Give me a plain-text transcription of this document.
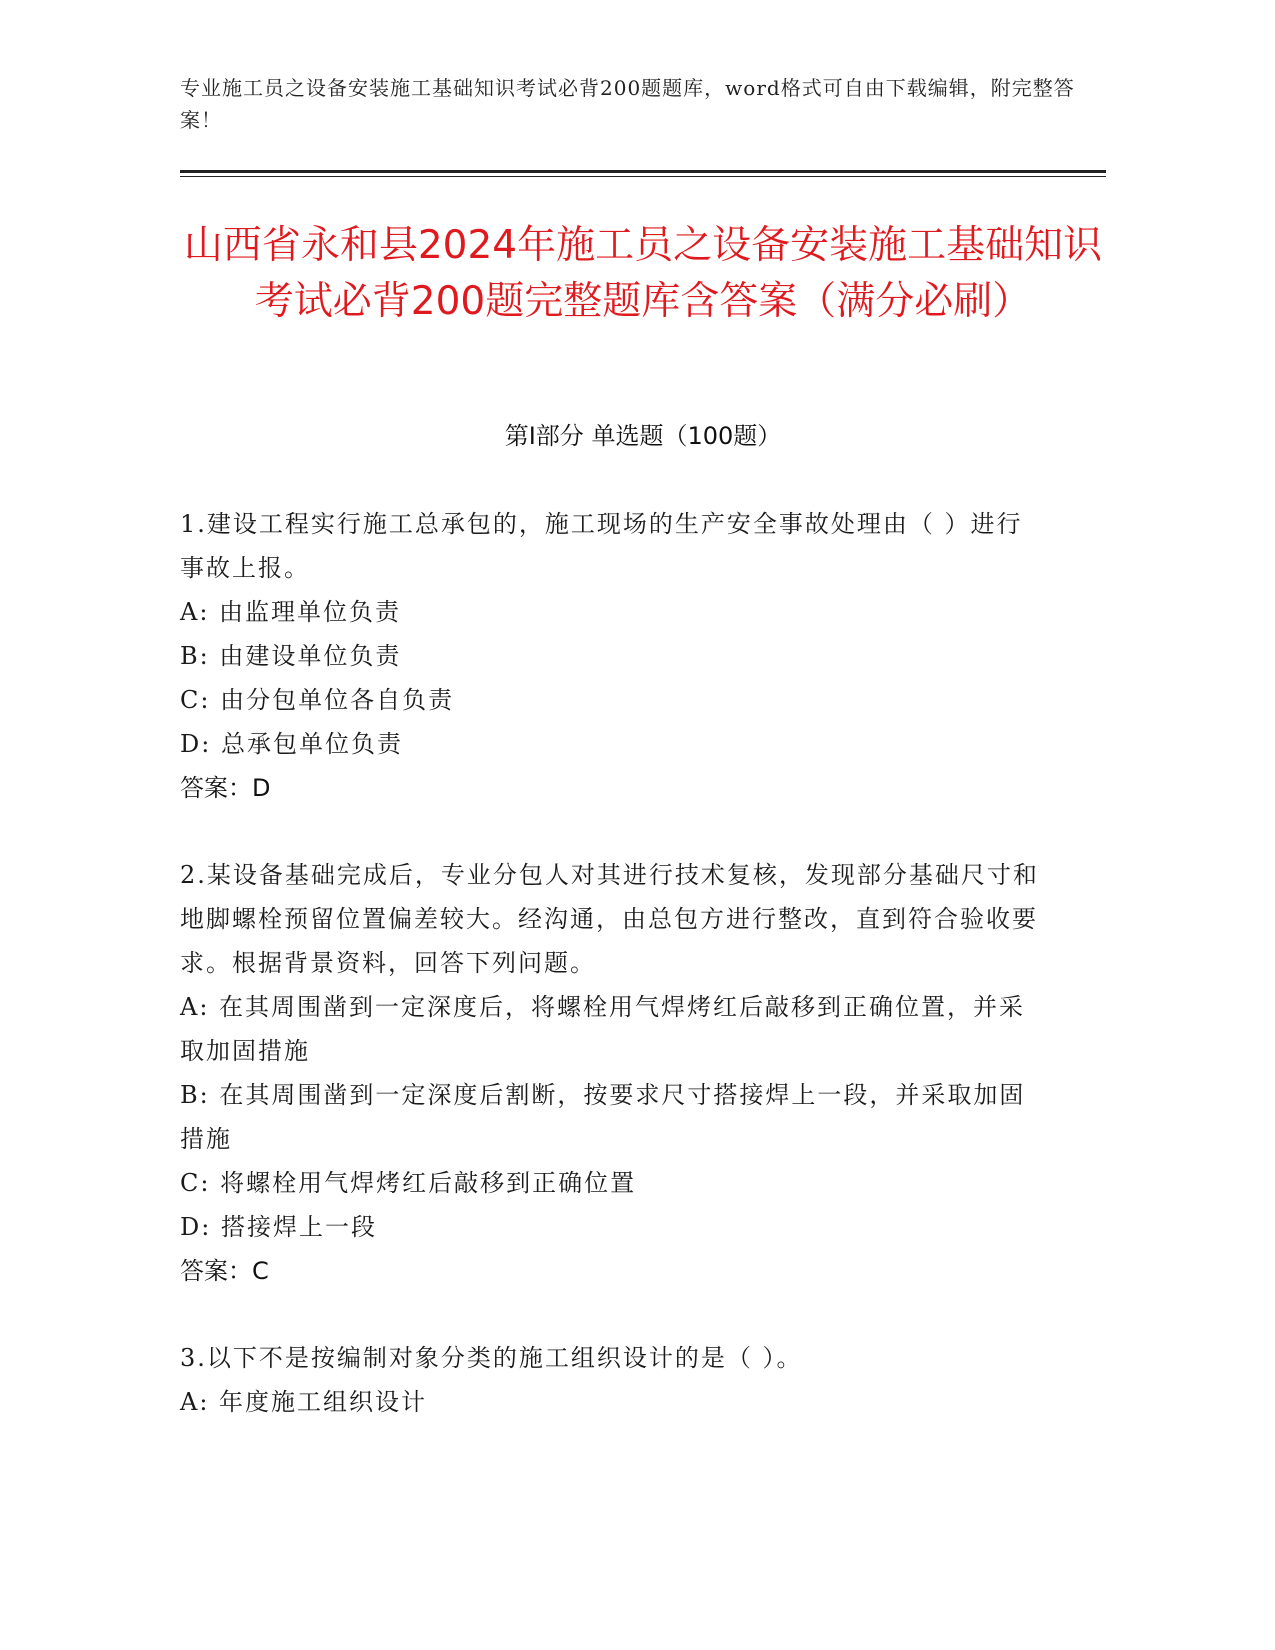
专业施工员之设备安装施工基础知识考试必背200题题库，word格式可自由下载编辑，附完整答案！
山西省永和县2024年施工员之设备安装施工基础知识考试必背200题完整题库含答案（满分必刷）
第Ⅰ部分 单选题（100题）
1.建设工程实行施工总承包的，施工现场的生产安全事故处理由（ ）进行事故上报。
A: 由监理单位负责
B: 由建设单位负责
C: 由分包单位各自负责
D: 总承包单位负责
答案：D
2.某设备基础完成后，专业分包人对其进行技术复核，发现部分基础尺寸和地脚螺栓预留位置偏差较大。经沟通，由总包方进行整改，直到符合验收要求。根据背景资料，回答下列问题。
A: 在其周围凿到一定深度后，将螺栓用气焊烤红后敲移到正确位置，并采取加固措施
B: 在其周围凿到一定深度后割断，按要求尺寸搭接焊上一段，并采取加固措施
C: 将螺栓用气焊烤红后敲移到正确位置
D: 搭接焊上一段
答案：C
3.以下不是按编制对象分类的施工组织设计的是（ ）。
A: 年度施工组织设计
